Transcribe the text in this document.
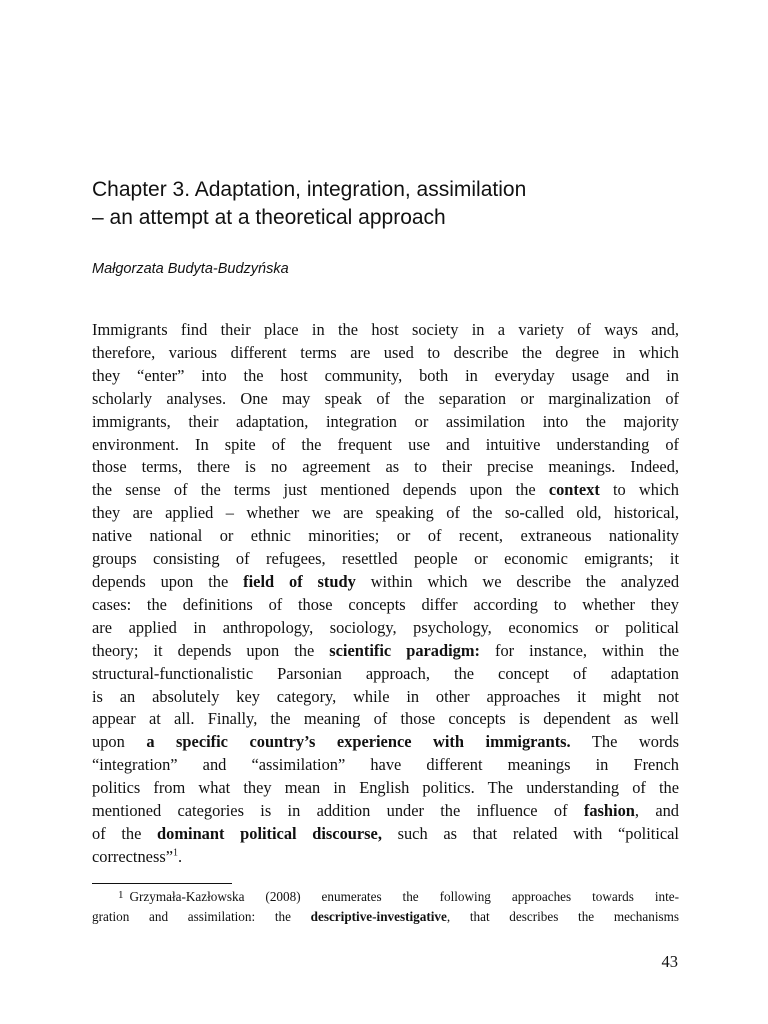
Chapter 3. Adaptation, integration, assimilation
– an attempt at a theoretical approach

Małgorzata Budyta-Budzyńska

Immigrants find their place in the host society in a variety of ways and,
therefore, various different terms are used to describe the degree in which
they “enter” into the host community, both in everyday usage and in
scholarly analyses. One may speak of the separation or marginalization of
immigrants, their adaptation, integration or assimilation into the majority
environment. In spite of the frequent use and intuitive understanding of
those terms, there is no agreement as to their precise meanings. Indeed,
the sense of the terms just mentioned depends upon the context to which
they are applied – whether we are speaking of the so-called old, historical,
native national or ethnic minorities; or of recent, extraneous nationality
groups consisting of refugees, resettled people or economic emigrants; it
depends upon the field of study within which we describe the analyzed
cases: the definitions of those concepts differ according to whether they
are applied in anthropology, sociology, psychology, economics or political
theory; it depends upon the scientific paradigm: for instance, within the
structural-functionalistic Parsonian approach, the concept of adaptation
is an absolutely key category, while in other approaches it might not
appear at all. Finally, the meaning of those concepts is dependent as well
upon a specific country’s experience with immigrants. The words
“integration” and “assimilation” have different meanings in French
politics from what they mean in English politics. The understanding of the
mentioned categories is in addition under the influence of fashion, and
of the dominant political discourse, such as that related with “political
correctness”$^1$.
$^1$ Grzymała-Kazłowska (2008) enumerates the following approaches towards inte-
gration and assimilation: the descriptive-investigative, that describes the mechanisms

43
